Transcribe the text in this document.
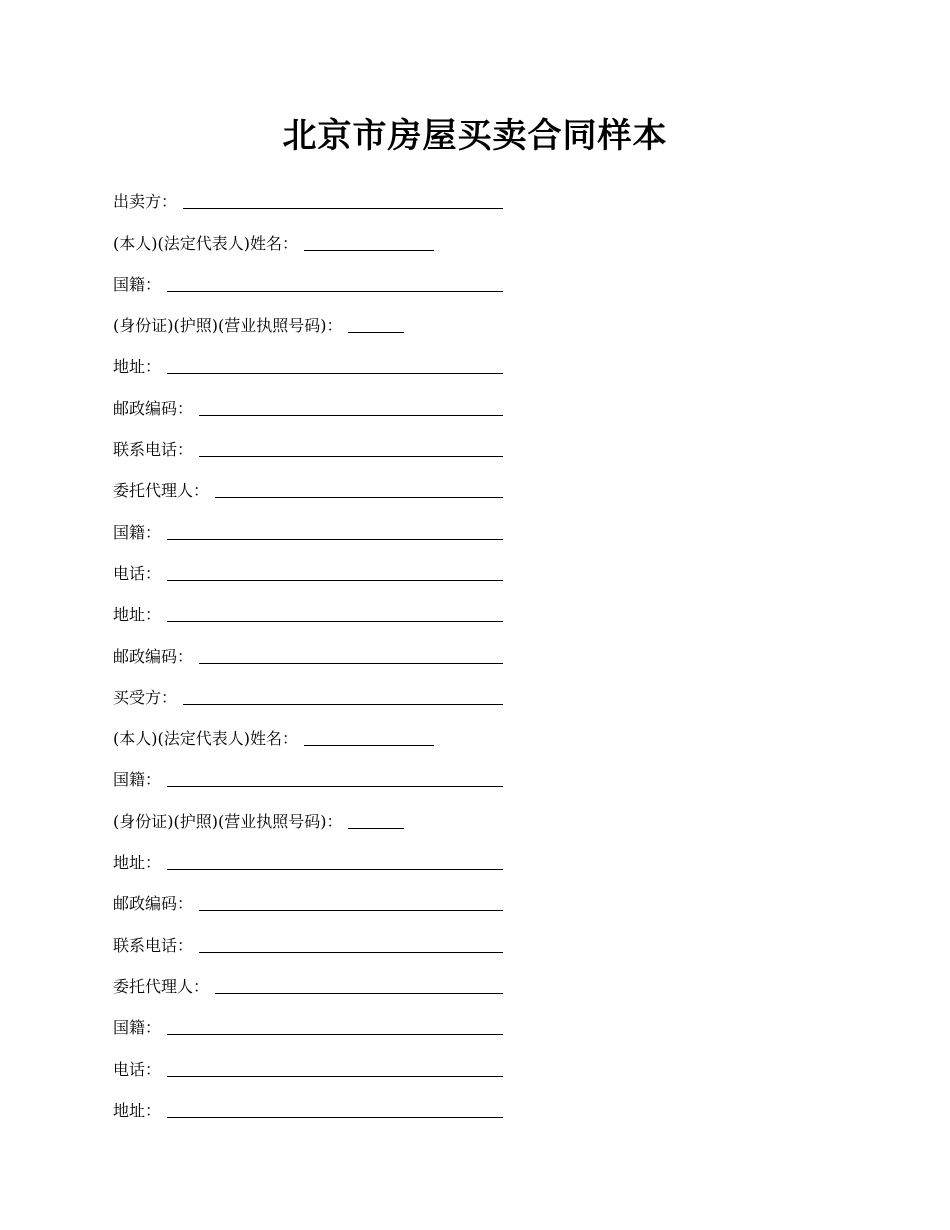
北京市房屋买卖合同样本
出卖方：
(本人)(法定代表人)姓名：
国籍：
(身份证)(护照)(营业执照号码)：
地址：
邮政编码：
联系电话：
委托代理人：
国籍：
电话：
地址：
邮政编码：
买受方：
(本人)(法定代表人)姓名：
国籍：
(身份证)(护照)(营业执照号码)：
地址：
邮政编码：
联系电话：
委托代理人：
国籍：
电话：
地址：
